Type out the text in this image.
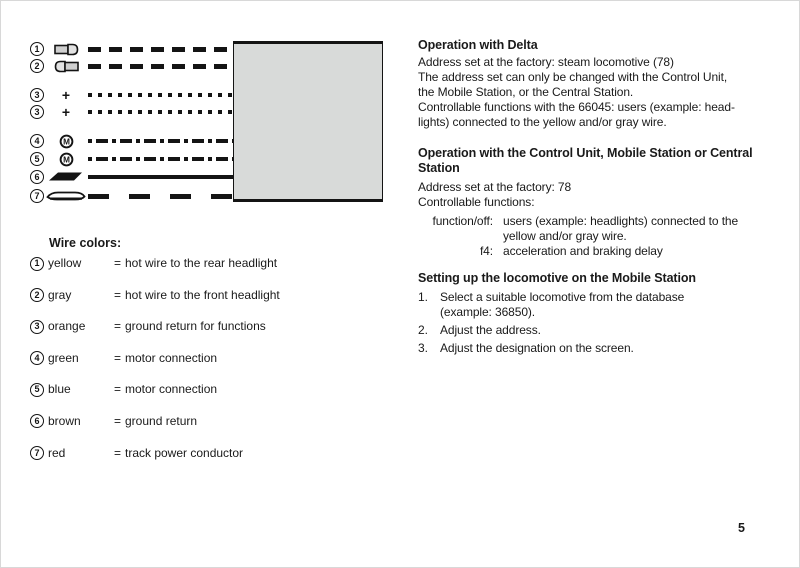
1
2
3	+
3	+
4	M
5	M
6
7
Wire colors:
1 yellow	= hot wire to the rear headlight
2 gray	= hot wire to the front headlight
3 orange	= ground return for functions
4 green	= motor connection
5 blue	= motor connection
6 brown	= ground return
7 red	= track power conductor
Operation with Delta
Address set at the factory: steam locomotive (78)
The address set can only be changed with the Control Unit,
the Mobile Station, or the Central Station.
Controllable functions with the 66045: users (example: head-
lights) connected to the yellow and/or gray wire.
Operation with the Control Unit, Mobile Station or Central
Station
Address set at the factory: 78
Controllable functions:
function/off: users (example: headlights) connected to the
yellow and/or gray wire.
f4: acceleration and braking delay
Setting up the locomotive on the Mobile Station
1.	Select a suitable locomotive from the database
(example: 36850).
2.	Adjust the address.
3.	Adjust the designation on the screen.
5
